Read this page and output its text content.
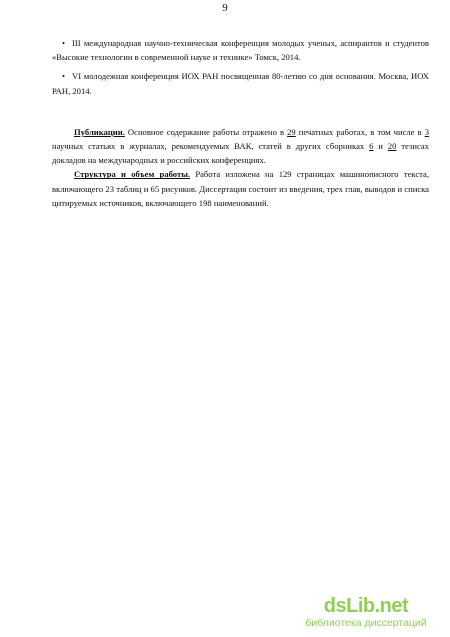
9

• III международная научно-техническая конференция молодых ученых, аспирантов и студентов «Высокие технологии в современной науке и технике» Томск, 2014.

• VI молодежная конференция ИОХ РАН посвященная 80-летию со дня основания. Москва, ИОХ РАН, 2014.

Публикации. Основное содержание работы отражено в 29 печатных работах, в том числе в 3 научных статьях в журналах, рекомендуемых ВАК, статей в других сборниках 6 и 20 тезисах докладов на международных и российских конференциях.

Структура и объем работы. Работа изложена на 129 страницах машинописного текста, включающего 23 таблиц и 65 рисунков. Диссертация состоит из введения, трех глав, выводов и списка цитируемых источников, включающего 198 наименований.

dsLib.net
библиотека диссертаций
